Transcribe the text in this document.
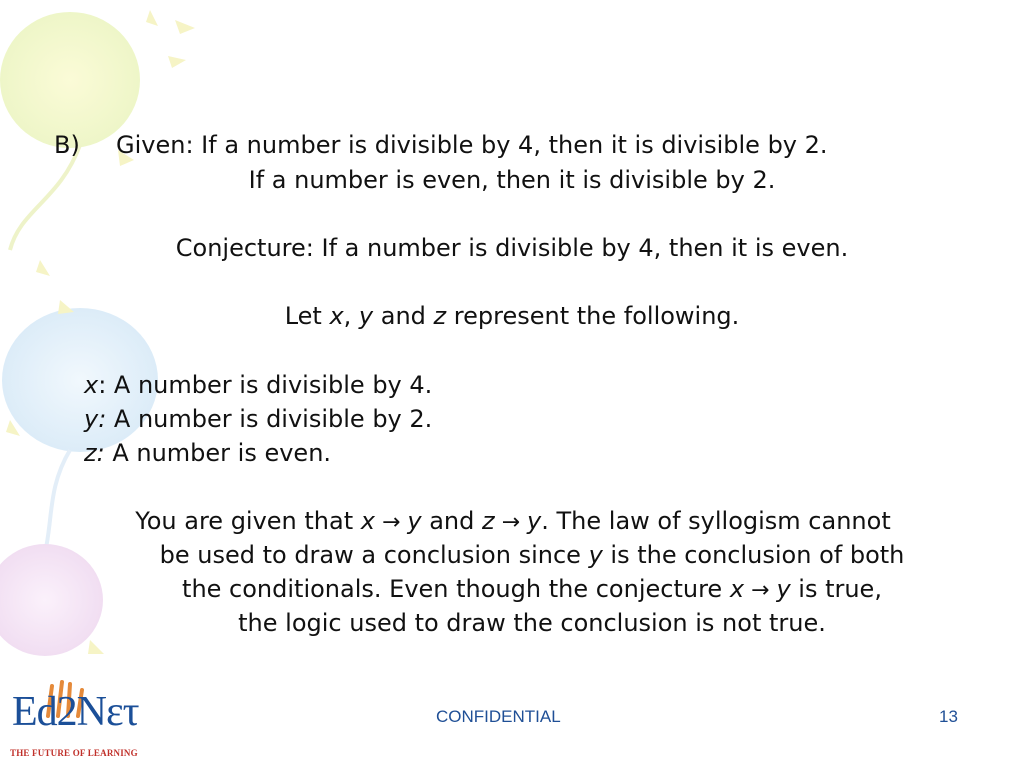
B) Given: If a number is divisible by 4, then it is divisible by 2.
If a number is even, then it is divisible by 2.
Conjecture: If a number is divisible by 4, then it is even.
Let x, y and z represent the following.
x: A number is divisible by 4.
y: A number is divisible by 2.
z: A number is even.
You are given that x → y and z → y. The law of syllogism cannot
be used to draw a conclusion since y is the conclusion of both
the conditionals. Even though the conjecture x → y is true,
the logic used to draw the conclusion is not true.
Ed2Nετ
THE FUTURE OF LEARNING
CONFIDENTIAL	13
